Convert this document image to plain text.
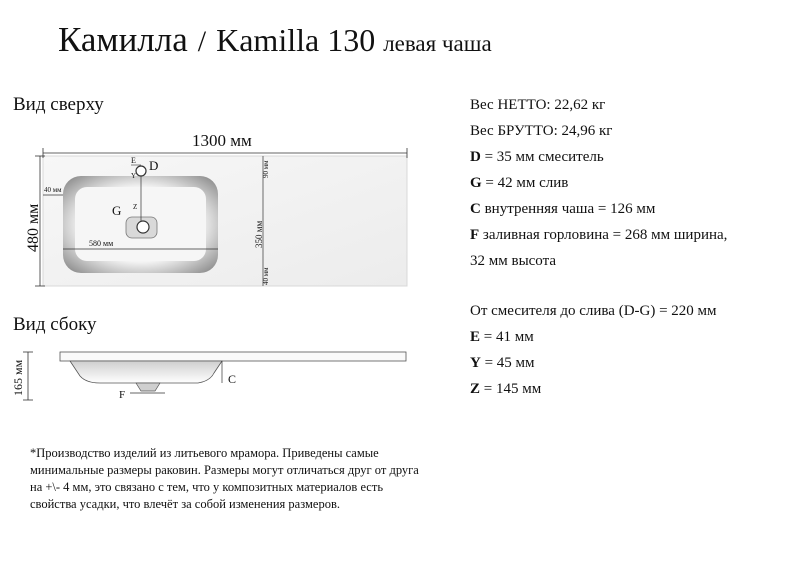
Камилла / Kamilla 130 левая чаша
Вид сверху
Вид сбоку
1300 мм
480 мм
40 мм
580 мм
90 мм
350 мм
40 мм
E D
Y
Z
G
165 мм	C
F
Вес НЕТТО: 22,62 кг
Вес БРУТТО: 24,96 кг
D = 35 мм смеситель
G = 42 мм слив
C внутренняя чаша = 126 мм
F заливная горловина = 268 мм ширина,
32 мм высота
От смесителя до слива (D-G) = 220 мм
E = 41 мм
Y = 45 мм
Z = 145 мм
*Производство изделий из литьевого мрамора. Приведены самые минимальные размеры раковин. Размеры могут отличаться друг от друга на +\- 4 мм, это связано с тем, что у композитных материалов есть свойства усадки, что влечёт за собой изменения размеров.
